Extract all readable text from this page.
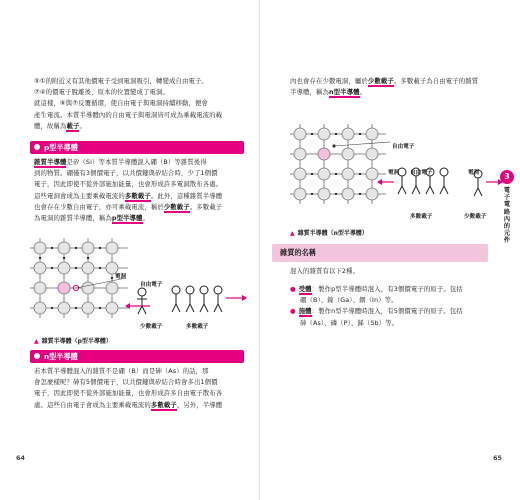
⑤①的附近又有其他價電子受到電洞吸引，轉變成自由電子。
⑦④的價電子脫離後，原本的位置變成了電洞。
就這樣，⑥與⑦反覆循環，使自由電子與電洞持續移動，便會
產生電流。本質半導體內的自由電子與電洞皆可成為乘載電流的載
體，故稱為載子。
p型半導體
雜質半導體是矽（Si）等本質半導體混入硼（B）等雜質後得
到的物質。硼僅有3個價電子，以共價鍵與矽結合時，少了1個價
電子，因此即使不從外部施加能量，也會形成許多電洞散布各處。
這些電洞會成為主要乘載電流的多數載子。此外，這種雜質半導體
也會存在少數自由電子，亦可乘載電流，稱於少數載子。多數載子
為電洞的雜質半導體，稱為p型半導體。
電洞
自由電子
少數載子	多數載子
▲ 雜質半導體（p型半導體）
n型半導體
若本質半導體混入的雜質不是硼（B）而是砷（As）的話，那
會怎麼樣呢？砷有5個價電子，以共價鍵與矽結合時會多出1個價
電子，因此即使不從外部施加能量，也會形成許多自由電子散布各
處。這些自由電子會成為主要乘載電流的多數載子。另外，半導體
64
內也會存在少數電洞，屬於少數載子。多數載子為自由電子的雜質
半導體，稱為n型半導體。
自由電子
電洞 自由電子	電洞
多數載子	少數載子
▲ 雜質半導體（n型半導體）
雜質的名稱
混入的雜質有以下2種。
● 受體：製作p型半導體時混入，有3個價電子的原子。包括
硼（B）、鎵（Ga）、銦（In）等。
● 施體：製作n型半導體時混入，有5個價電子的原子。包括
砷（As）、磷（P）、銻（Sb）等。
3
電
子
電
路
內
的
元
件
65
